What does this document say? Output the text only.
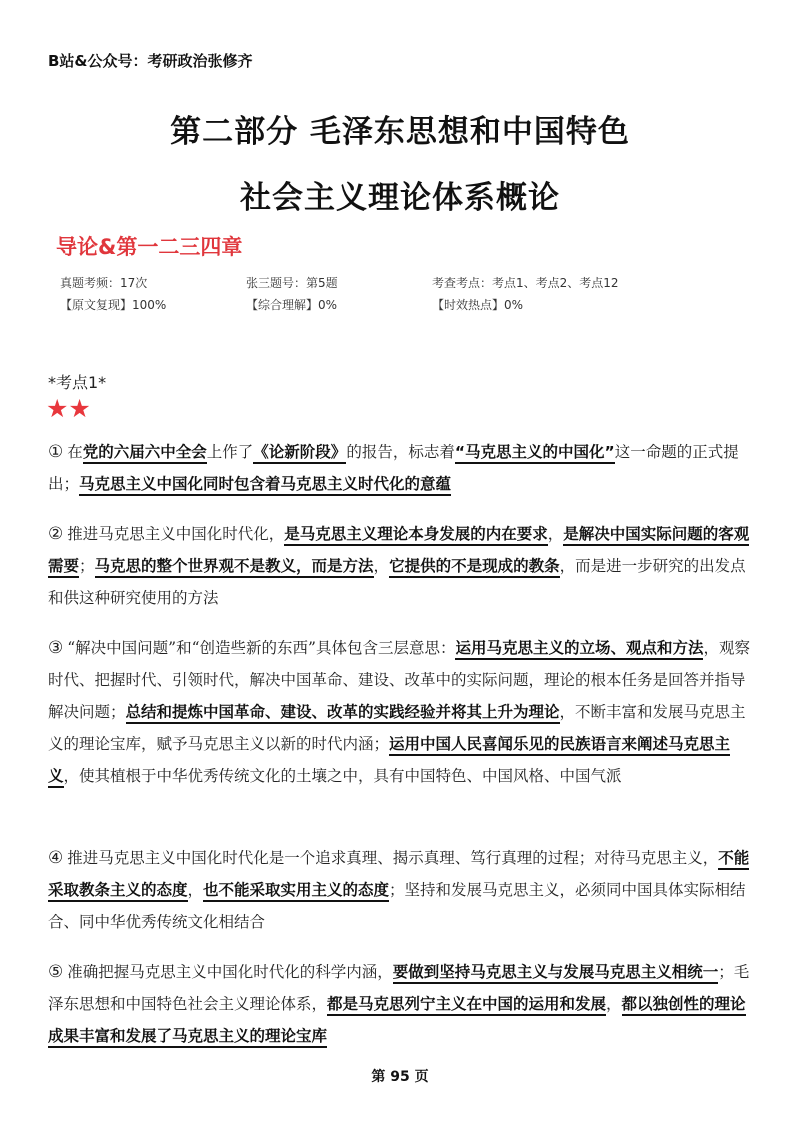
B站&公众号：考研政治张修齐
第二部分 毛泽东思想和中国特色
社会主义理论体系概论
导论&第一二三四章
真题考频：17次	张三题号：第5题	考查考点：考点1、考点2、考点12
【原文复现】100%	【综合理解】0%	【时效热点】0%
*考点1*
★★
① 在党的六届六中全会上作了《论新阶段》的报告，标志着“马克思主义的中国化”这一命题的正式提出；马克思主义中国化同时包含着马克思主义时代化的意蕴
② 推进马克思主义中国化时代化，是马克思主义理论本身发展的内在要求，是解决中国实际问题的客观需要；马克思的整个世界观不是教义，而是方法，它提供的不是现成的教条，而是进一步研究的出发点和供这种研究使用的方法
③ “解决中国问题”和“创造些新的东西”具体包含三层意思：运用马克思主义的立场、观点和方法，观察时代、把握时代、引领时代，解决中国革命、建设、改革中的实际问题，理论的根本任务是回答并指导解决问题；总结和提炼中国革命、建设、改革的实践经验并将其上升为理论，不断丰富和发展马克思主义的理论宝库，赋予马克思主义以新的时代内涵；运用中国人民喜闻乐见的民族语言来阐述马克思主义，使其植根于中华优秀传统文化的土壤之中，具有中国特色、中国风格、中国气派
④ 推进马克思主义中国化时代化是一个追求真理、揭示真理、笃行真理的过程；对待马克思主义，不能采取教条主义的态度，也不能采取实用主义的态度；坚持和发展马克思主义，必须同中国具体实际相结合、同中华优秀传统文化相结合
⑤ 准确把握马克思主义中国化时代化的科学内涵，要做到坚持马克思主义与发展马克思主义相统一；毛泽东思想和中国特色社会主义理论体系，都是马克思列宁主义在中国的运用和发展，都以独创性的理论成果丰富和发展了马克思主义的理论宝库
第 95 页
